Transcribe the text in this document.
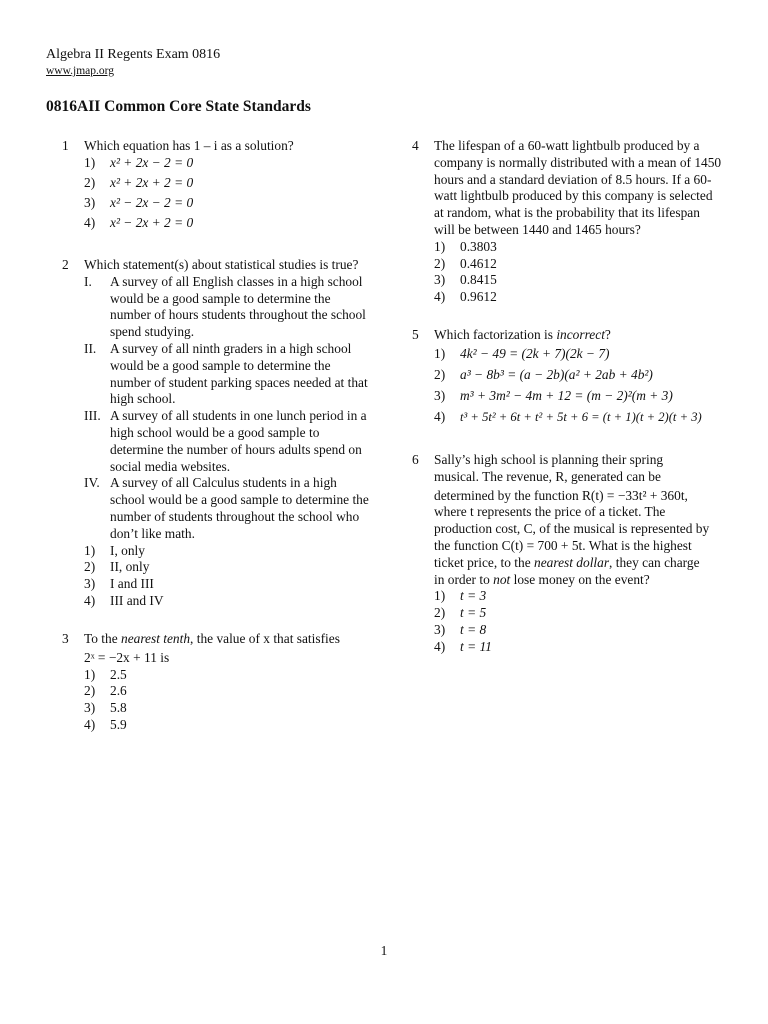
Algebra II Regents Exam 0816
www.jmap.org
0816AII Common Core State Standards
1	Which equation has 1 – i as a solution?
1)	x² + 2x − 2 = 0
2)	x² + 2x + 2 = 0
3)	x² − 2x − 2 = 0
4)	x² − 2x + 2 = 0
2	Which statement(s) about statistical studies is true?
I.	A survey of all English classes in a high school would be a good sample to determine the number of hours students throughout the school spend studying.
II.	A survey of all ninth graders in a high school would be a good sample to determine the number of student parking spaces needed at that high school.
III. A survey of all students in one lunch period in a high school would be a good sample to determine the number of hours adults spend on social media websites.
IV. A survey of all Calculus students in a high school would be a good sample to determine the number of students throughout the school who don’t like math.
1)	I, only
2)	II, only
3)	I and III
4)	III and IV
3	To the nearest tenth, the value of x that satisfies
2ˣ = −2x + 11 is
1)	2.5
2)	2.6
3)	5.8
4)	5.9
4	The lifespan of a 60-watt lightbulb produced by a company is normally distributed with a mean of 1450 hours and a standard deviation of 8.5 hours. If a 60-watt lightbulb produced by this company is selected at random, what is the probability that its lifespan will be between 1440 and 1465 hours?
1)	0.3803
2)	0.4612
3)	0.8415
4)	0.9612
5	Which factorization is incorrect?
1)	4k² − 49 = (2k + 7)(2k − 7)
2)	a³ − 8b³ = (a − 2b)(a² + 2ab + 4b²)
3)	m³ + 3m² − 4m + 12 = (m − 2)²(m + 3)
4)	t³ + 5t² + 6t + t² + 5t + 6 = (t + 1)(t + 2)(t + 3)
6	Sally’s high school is planning their spring
musical. The revenue, R, generated can be
determined by the function R(t) = −33t² + 360t,
where t represents the price of a ticket. The
production cost, C, of the musical is represented by
the function C(t) = 700 + 5t. What is the highest
ticket price, to the nearest dollar, they can charge
in order to not lose money on the event?
1)	t = 3
2)	t = 5
3)	t = 8
4)	t = 11
1
